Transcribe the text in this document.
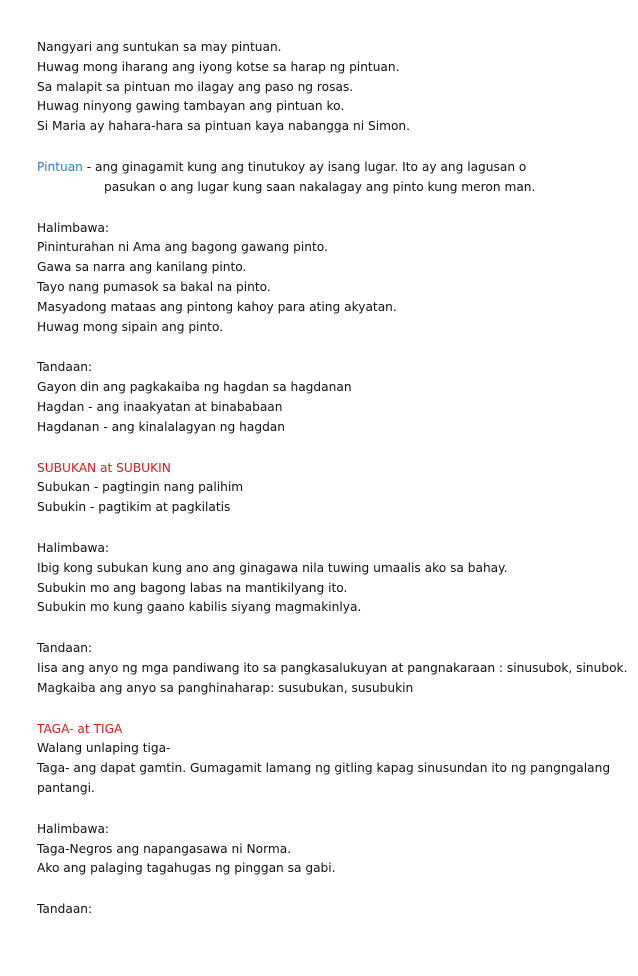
Nangyari ang suntukan sa may pintuan.
Huwag mong iharang ang iyong kotse sa harap ng pintuan.
Sa malapit sa pintuan mo ilagay ang paso ng rosas.
Huwag ninyong gawing tambayan ang pintuan ko.
Si Maria ay hahara-hara sa pintuan kaya nabangga ni Simon.
Pintuan - ang ginagamit kung ang tinutukoy ay isang lugar. Ito ay ang lagusan o
pasukan o ang lugar kung saan nakalagay ang pinto kung meron man.
Halimbawa:
Pininturahan ni Ama ang bagong gawang pinto.
Gawa sa narra ang kanilang pinto.
Tayo nang pumasok sa bakal na pinto.
Masyadong mataas ang pintong kahoy para ating akyatan.
Huwag mong sipain ang pinto.
Tandaan:
Gayon din ang pagkakaiba ng hagdan sa hagdanan
Hagdan - ang inaakyatan at binababaan
Hagdanan - ang kinalalagyan ng hagdan
SUBUKAN at SUBUKIN
Subukan - pagtingin nang palihim
Subukin - pagtikim at pagkilatis
Halimbawa:
Ibig kong subukan kung ano ang ginagawa nila tuwing umaalis ako sa bahay.
Subukin mo ang bagong labas na mantikilyang ito.
Subukin mo kung gaano kabilis siyang magmakinlya.
Tandaan:
Iisa ang anyo ng mga pandiwang ito sa pangkasalukuyan at pangnakaraan : sinusubok, sinubok.
Magkaiba ang anyo sa panghinaharap: susubukan, susubukin
TAGA- at TIGA
Walang unlaping tiga-
Taga- ang dapat gamtin. Gumagamit lamang ng gitling kapag sinusundan ito ng pangngalang
pantangi.
Halimbawa:
Taga-Negros ang napangasawa ni Norma.
Ako ang palaging tagahugas ng pinggan sa gabi.
Tandaan:
